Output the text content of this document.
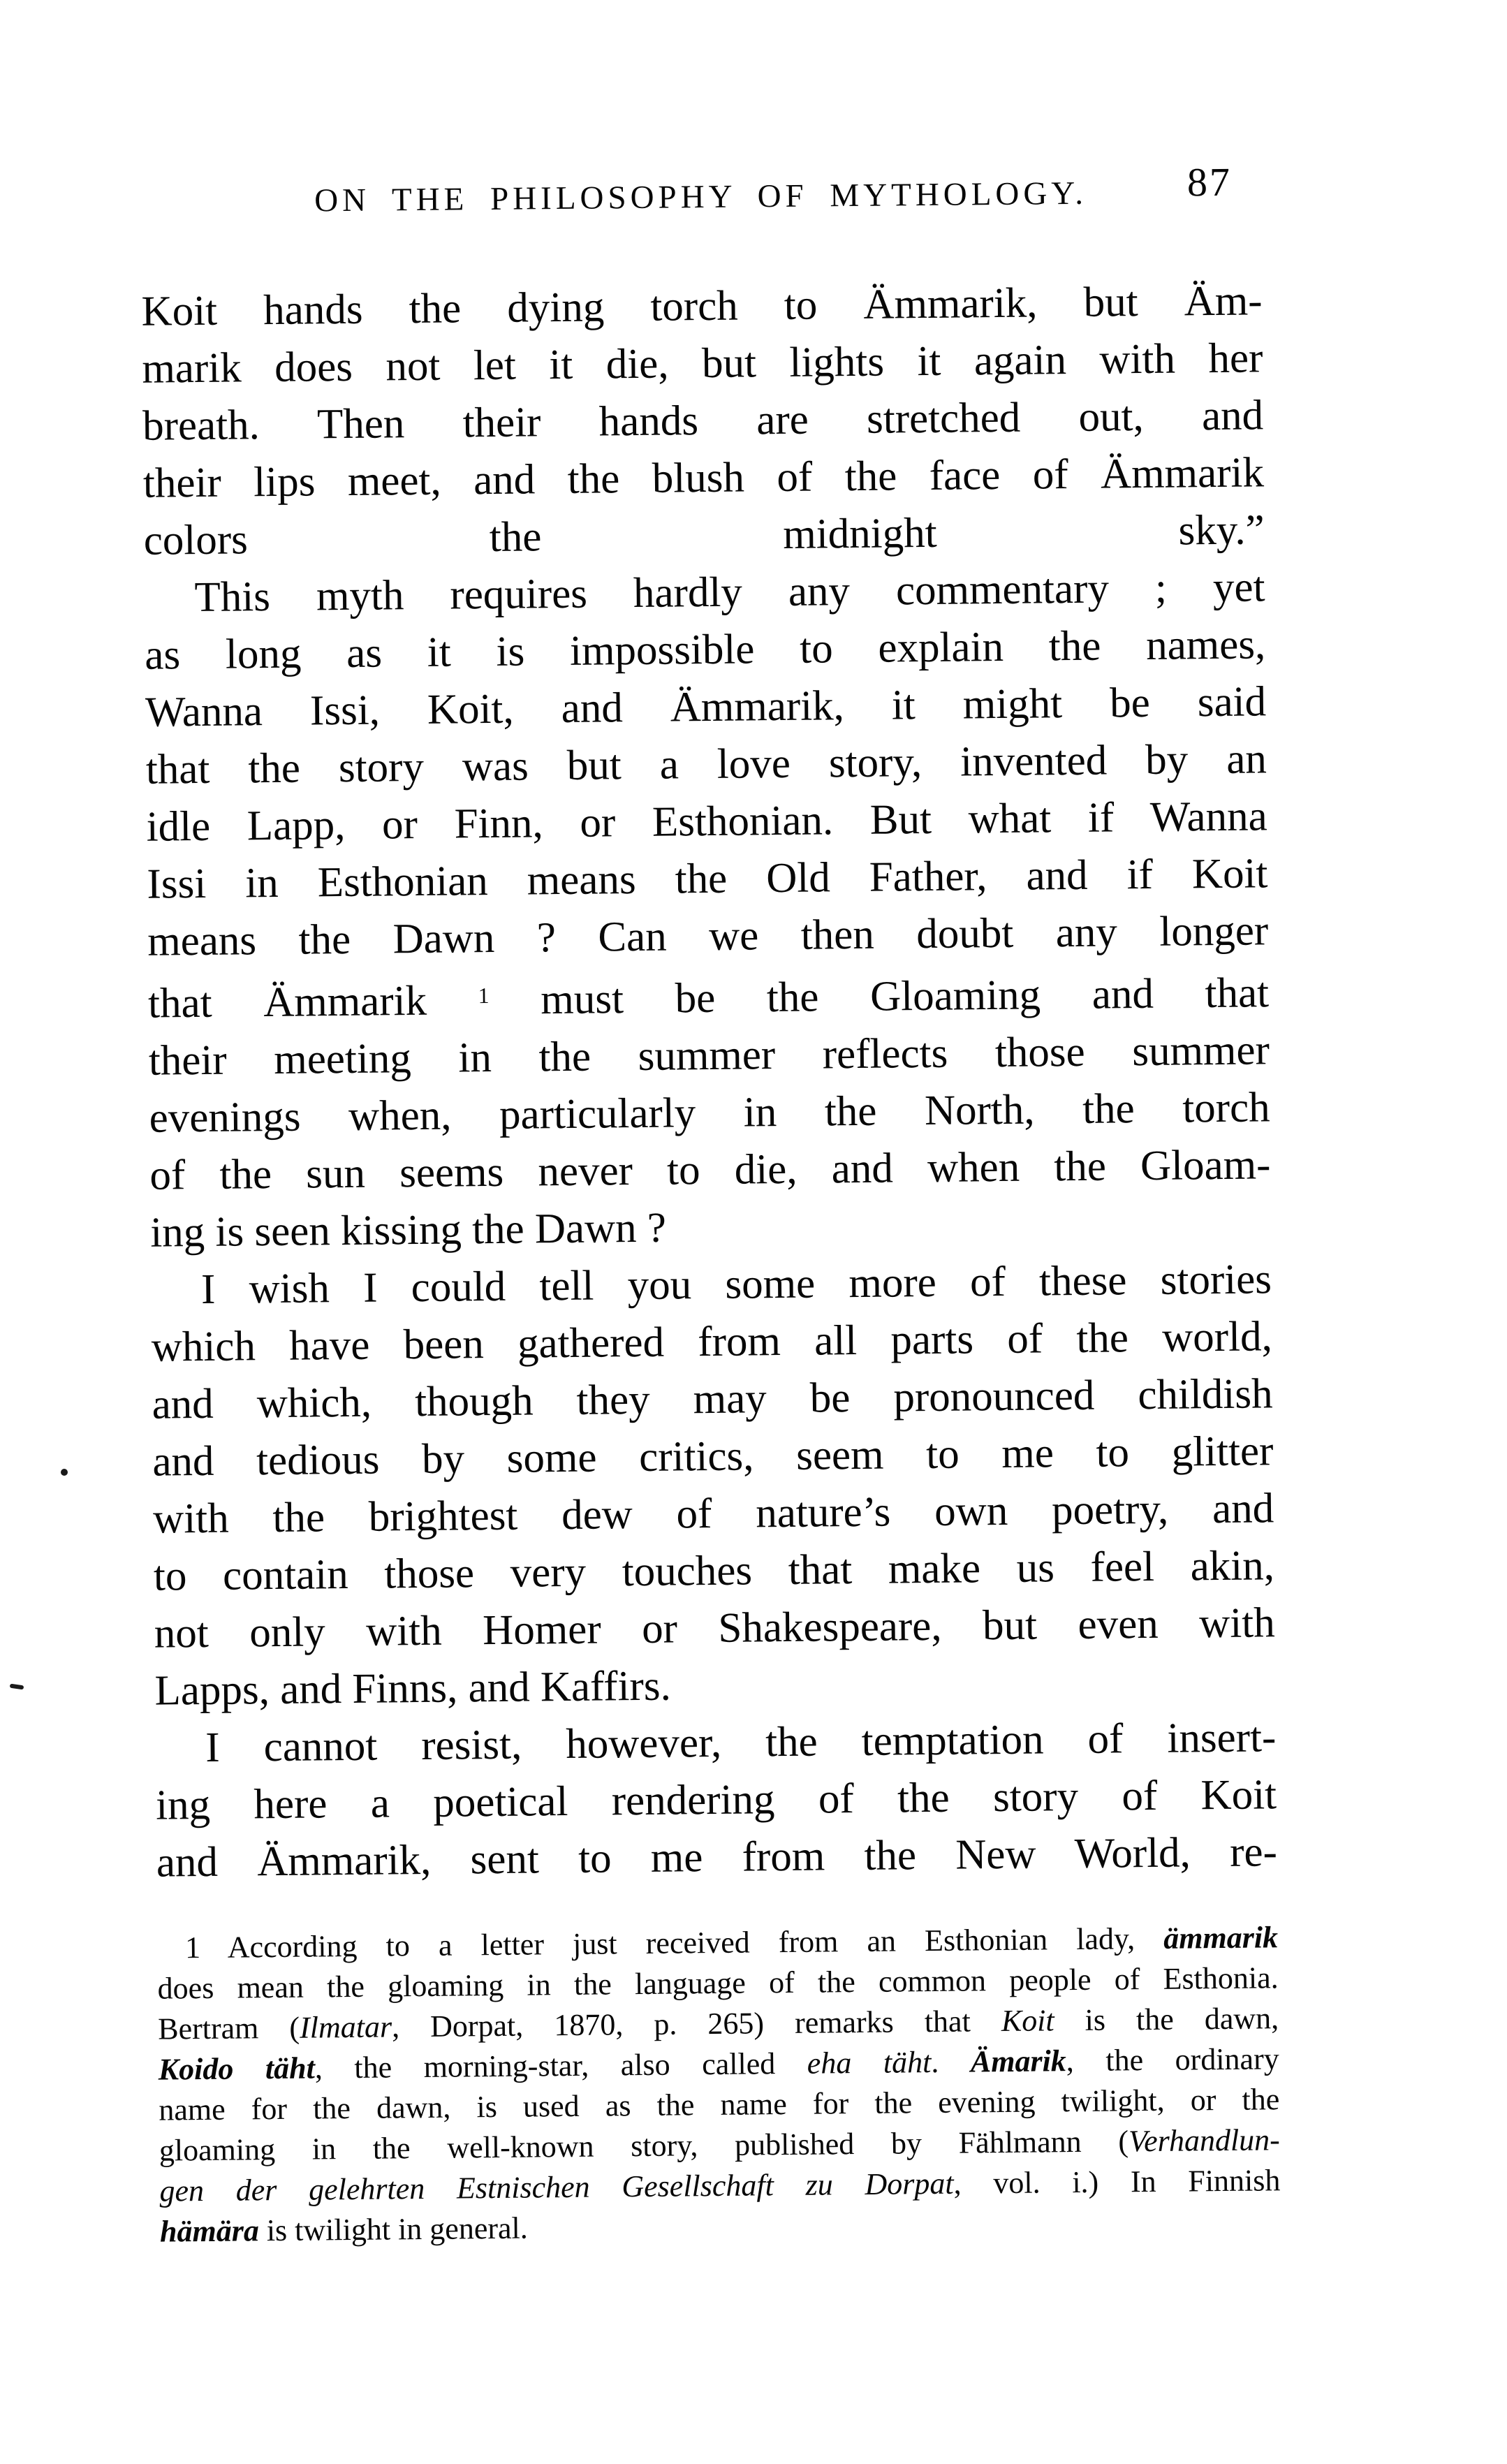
ON THE PHILOSOPHY OF MYTHOLOGY.	87
Koit hands the dying torch to Ämmarik, but Äm-
marik does not let it die, but lights it again with her
breath. Then their hands are stretched out, and
their lips meet, and the blush of the face of Ämmarik
colors the midnight sky.”
This myth requires hardly any commentary ; yet
as long as it is impossible to explain the names,
Wanna Issi, Koit, and Ämmarik, it might be said
that the story was but a love story, invented by an
idle Lapp, or Finn, or Esthonian. But what if Wanna
Issi in Esthonian means the Old Father, and if Koit
means the Dawn ? Can we then doubt any longer
that Ämmarik $^1$ must be the Gloaming and that
their meeting in the summer reflects those summer
evenings when, particularly in the North, the torch
of the sun seems never to die, and when the Gloam-
ing is seen kissing the Dawn ?
I wish I could tell you some more of these stories
which have been gathered from all parts of the world,
and which, though they may be pronounced childish
and tedious by some critics, seem to me to glitter
with the brightest dew of nature’s own poetry, and
to contain those very touches that make us feel akin,
not only with Homer or Shakespeare, but even with
Lapps, and Finns, and Kaffirs.
I cannot resist, however, the temptation of insert-
ing here a poetical rendering of the story of Koit
and Ämmarik, sent to me from the New World, re-
1 According to a letter just received from an Esthonian lady, ämmarik
does mean the gloaming in the language of the common people of Esthonia.
Bertram (Ilmatar, Dorpat, 1870, p. 265) remarks that Koit is the dawn,
Koido täht, the morning-star, also called eha täht. Ämarik, the ordinary
name for the dawn, is used as the name for the evening twilight, or the
gloaming in the well-known story, published by Fählmann (Verhandlun-
gen der gelehrten Estnischen Gesellschaft zu Dorpat, vol. i.) In Finnish
hämära is twilight in general.
